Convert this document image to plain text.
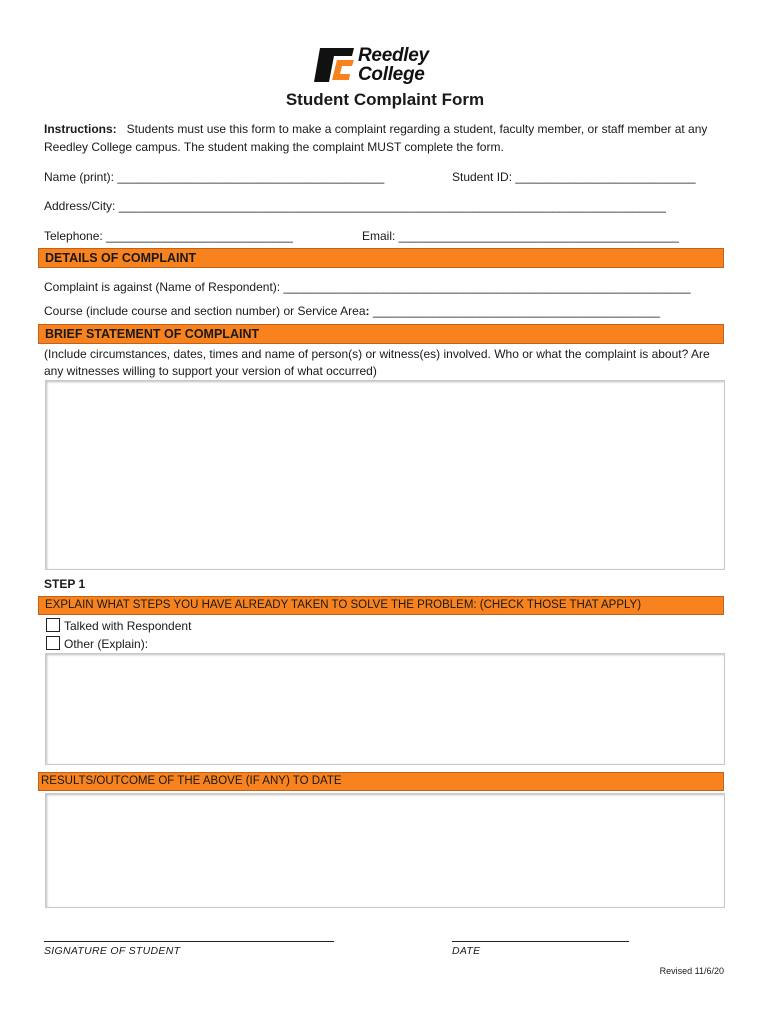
Reedley
College
Student Complaint Form
Instructions: Students must use this form to make a complaint regarding a student, faculty member, or staff member at any Reedley College campus. The student making the complaint MUST complete the form.
Name (print): ________________________________________	Student ID: ___________________________
Address/City: __________________________________________________________________________________
Telephone: ____________________________	Email: __________________________________________
DETAILS OF COMPLAINT
Complaint is against (Name of Respondent): _____________________________________________________________
Course (include course and section number) or Service Area: ___________________________________________
BRIEF STATEMENT OF COMPLAINT
(Include circumstances, dates, times and name of person(s) or witness(es) involved. Who or what the complaint is about? Are any witnesses willing to support your version of what occurred)
STEP 1
EXPLAIN WHAT STEPS YOU HAVE ALREADY TAKEN TO SOLVE THE PROBLEM: (CHECK THOSE THAT APPLY)
Talked with Respondent
Other (Explain):
RESULTS/OUTCOME OF THE ABOVE (IF ANY) TO DATE
SIGNATURE OF STUDENT	DATE
Revised 11/6/20
